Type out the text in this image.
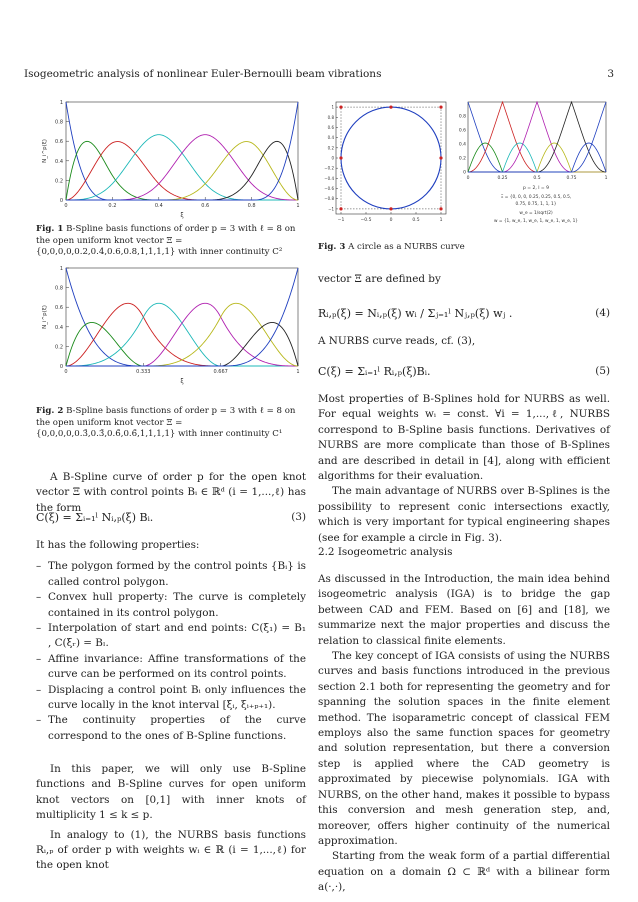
Isogeometric analysis of nonlinear Euler-Bernoulli beam vibrations	3
0
0.2
0.4
0.6
0.8
1
0	0.2	0.4	0.6	0.8	1
ξ
N_i^p(ξ)
Fig. 1 B-Spline basis functions of order p = 3 with ℓ = 8 on the open uniform knot vector Ξ = {0,0,0,0,0.2,0.4,0.6,0.8,1,1,1,1} with inner continuity C²
0
0.2
0.4
0.6
0.8
1
0	0.333	0.667	1
ξ
N_i^p(ξ)
Fig. 2 B-Spline basis functions of order p = 3 with ℓ = 8 on the open uniform knot vector Ξ = {0,0,0,0,0.3̄,0.3̄,0.6̄,0.6̄,1,1,1,1} with inner continuity C¹
−1	−0.5	0	0.5	1
1
0.8
0.6
0.4
0.2
0
−0.2
−0.4
−0.6
−0.8
−1
0	0.25	0.5	0.75	1
0.8
0.6
0.4
0.2
0
p = 2, l = 9
Ξ = {0, 0, 0, 0.25, 0.25, 0.5, 0.5,
0.75, 0.75, 1, 1, 1}
w_e = 1/sqrt(2)
w = {1, w_e, 1, w_e, 1, w_e, 1, w_e, 1}
Fig. 3 A circle as a NURBS curve

A B-Spline curve of order p for the open knot vector Ξ with control points Bᵢ ∈ ℝᵈ (i = 1,...,ℓ) has the form

C(ξ) = Σᵢ₌₁ˡ Nᵢ,ₚ(ξ) Bᵢ.	(3)

It has the following properties:

– The polygon formed by the control points {Bᵢ} is called control polygon.
– Convex hull property: The curve is completely contained in its control polygon.
– Interpolation of start and end points: C(ξ₁) = B₁ , C(ξᵣ) = Bₗ.
– Affine invariance: Affine transformations of the curve can be performed on its control points.
– Displacing a control point Bᵢ only influences the curve locally in the knot interval [ξᵢ, ξᵢ₊ₚ₊₁).
– The continuity properties of the curve correspond to the ones of B-Spline functions.

In this paper, we will only use B-Spline functions and B-Spline curves for open uniform knot vectors on [0,1] with inner knots of multiplicity 1 ≤ k ≤ p.

In analogy to (1), the NURBS basis functions Rᵢ,ₚ of order p with weights wᵢ ∈ ℝ (i = 1,...,ℓ) for the open knot

vector Ξ are defined by

Rᵢ,ₚ(ξ) = Nᵢ,ₚ(ξ) wᵢ / Σⱼ₌₁ˡ Nⱼ,ₚ(ξ) wⱼ .	(4)

A NURBS curve reads, cf. (3),

C(ξ) = Σᵢ₌₁ˡ Rᵢ,ₚ(ξ)Bᵢ.	(5)

Most properties of B-Splines hold for NURBS as well. For equal weights wᵢ = const. ∀i = 1,...,ℓ, NURBS correspond to B-Spline basis functions. Derivatives of NURBS are more complicate than those of B-Splines and are described in detail in [4], along with efficient algorithms for their evaluation.

The main advantage of NURBS over B-Splines is the possibility to represent conic intersections exactly, which is very important for typical engineering shapes (see for example a circle in Fig. 3).

2.2 Isogeometric analysis

As discussed in the Introduction, the main idea behind isogeometric analysis (IGA) is to bridge the gap between CAD and FEM. Based on [6] and [18], we summarize next the major properties and discuss the relation to classical finite elements.

The key concept of IGA consists of using the NURBS curves and basis functions introduced in the previous section 2.1 both for representing the geometry and for spanning the solution spaces in the finite element method. The isoparametric concept of classical FEM employs also the same function spaces for geometry and solution representation, but there a conversion step is applied where the CAD geometry is approximated by piecewise polynomials. IGA with NURBS, on the other hand, makes it possible to bypass this conversion and mesh generation step, and, moreover, offers higher continuity of the numerical approximation.

Starting from the weak form of a partial differential equation on a domain Ω ⊂ ℝᵈ with a bilinear form a(·,·),
